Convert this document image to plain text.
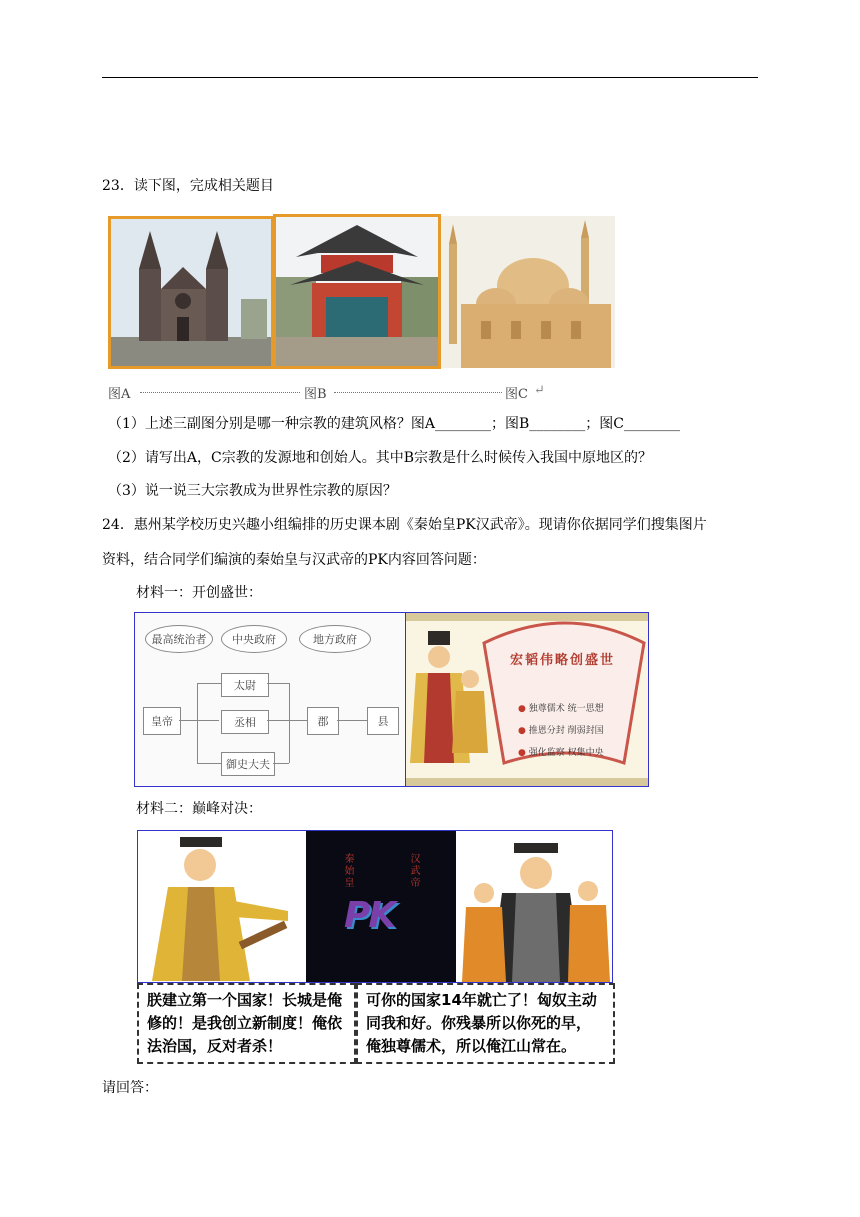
23．读下图，完成相关题目
图A	图B	图C ↵
（1）上述三副图分别是哪一种宗教的建筑风格？图A________；图B________；图C________
（2）请写出A，C宗教的发源地和创始人。其中B宗教是什么时候传入我国中原地区的？
（3）说一说三大宗教成为世界性宗教的原因？
24．惠州某学校历史兴趣小组编排的历史课本剧《秦始皇PK汉武帝》。现请你依据同学们搜集图片
资料，结合同学们编演的秦始皇与汉武帝的PK内容回答问题：
材料一：开创盛世：
最高统治者	中央政府	地方政府
皇帝
太尉
丞相
御史大夫
郡	县
宏韬伟略创盛世
● 独尊儒术 统一思想
● 推恩分封 削弱封国
● 强化监察 权集中央
材料二：巅峰对决：
秦始皇	汉武帝
PK
朕建立第一个国家！长城是俺修的！是我创立新制度！俺依法治国，反对者杀！
可你的国家14年就亡了！匈奴主动同我和好。你残暴所以你死的早，俺独尊儒术，所以俺江山常在。
请回答：
